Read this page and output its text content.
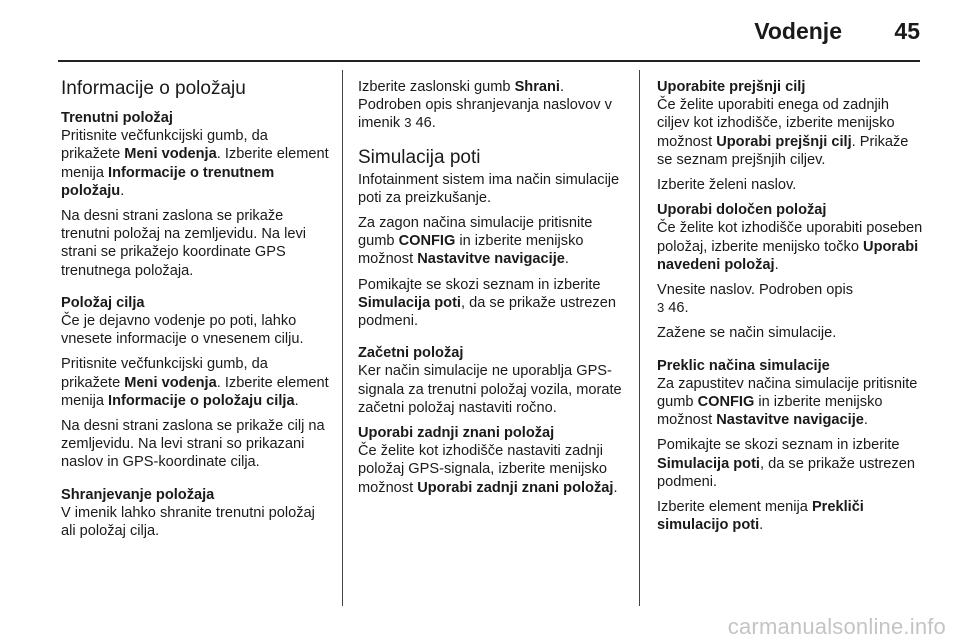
Vodenje 45
Informacije o položaju
Trenutni položaj

Pritisnite večfunkcijski gumb, da prikažete Meni vodenja. Izberite element menija Informacije o trenutnem položaju.

Na desni strani zaslona se prikaže trenutni položaj na zemljevidu. Na levi strani se prikažejo koordinate GPS trenutnega položaja.

Položaj cilja

Če je dejavno vodenje po poti, lahko vnesete informacije o vnesenem cilju.

Pritisnite večfunkcijski gumb, da prikažete Meni vodenja. Izberite element menija Informacije o položaju cilja.

Na desni strani zaslona se prikaže cilj na zemljevidu. Na levi strani so prikazani naslov in GPS-koordinate cilja.

Shranjevanje položaja

V imenik lahko shranite trenutni položaj ali položaj cilja.

Izberite zaslonski gumb Shrani. Podroben opis shranjevanja naslovov v imenik 3 46.

Simulacija poti

Infotainment sistem ima način simulacije poti za preizkušanje.

Za zagon načina simulacije pritisnite gumb CONFIG in izberite menijsko možnost Nastavitve navigacije.

Pomikajte se skozi seznam in izberite Simulacija poti, da se prikaže ustrezen podmeni.

Začetni položaj

Ker način simulacije ne uporablja GPS-signala za trenutni položaj vozila, morate začetni položaj nastaviti ročno.

Uporabi zadnji znani položaj

Če želite kot izhodišče nastaviti zadnji položaj GPS-signala, izberite menijsko možnost Uporabi zadnji znani položaj.

Uporabite prejšnji cilj

Če želite uporabiti enega od zadnjih ciljev kot izhodišče, izberite menijsko možnost Uporabi prejšnji cilj. Prikaže se seznam prejšnjih ciljev.

Izberite želeni naslov.

Uporabi določen položaj

Če želite kot izhodišče uporabiti poseben položaj, izberite menijsko točko Uporabi navedeni položaj.

Vnesite naslov. Podroben opis
3 46.

Zažene se način simulacije.

Preklic načina simulacije

Za zapustitev načina simulacije pritisnite gumb CONFIG in izberite menijsko možnost Nastavitve navigacije.

Pomikajte se skozi seznam in izberite Simulacija poti, da se prikaže ustrezen podmeni.

Izberite element menija Prekliči simulacijo poti.

carmanualsonline.info
